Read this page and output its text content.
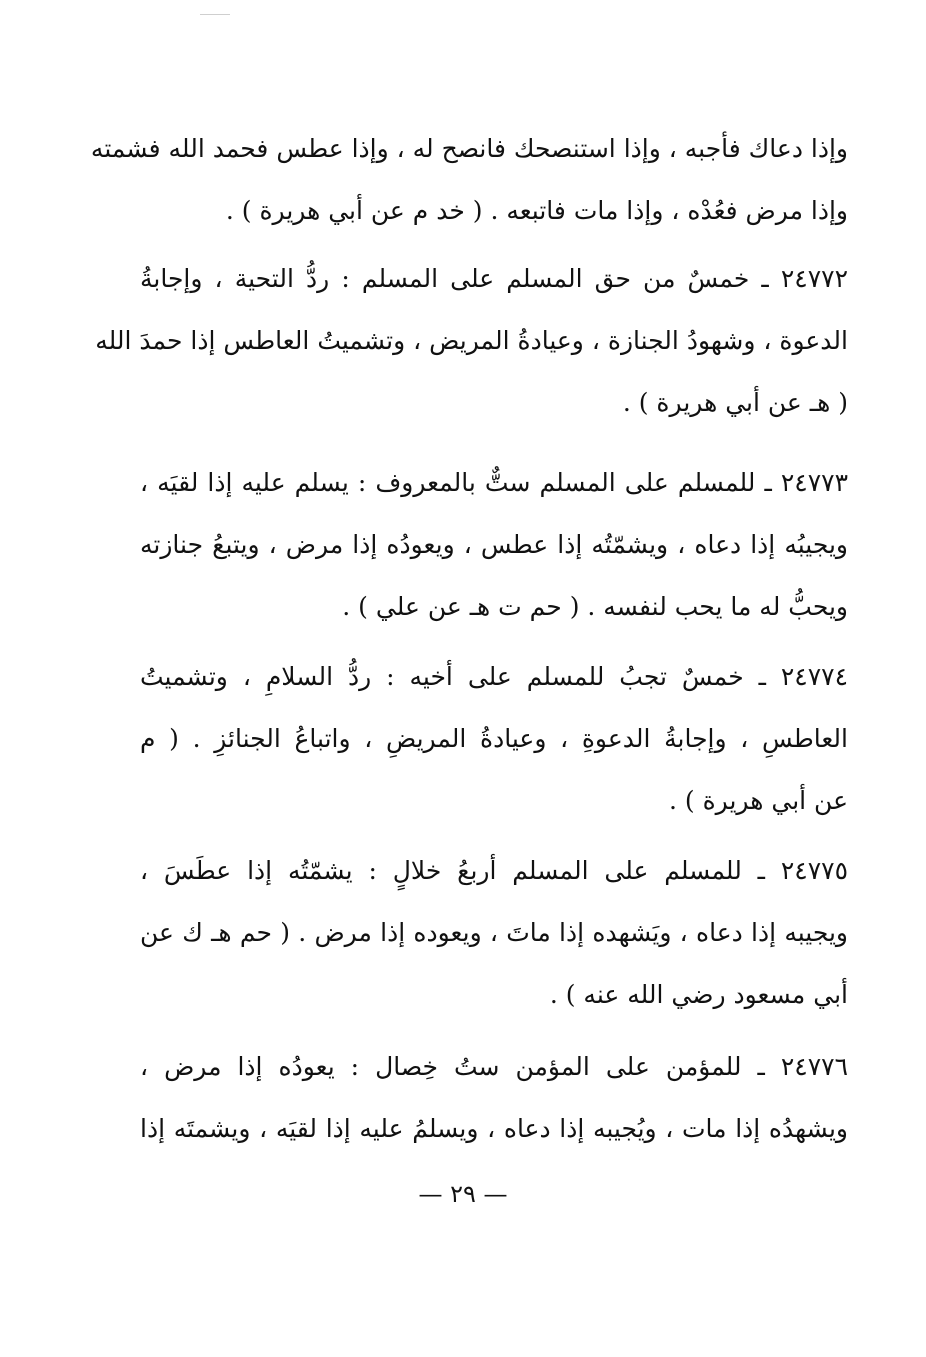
وإذا دعاك فأجبه ، وإذا استنصحك فانصح له ، وإذا عطس فحمد الله فشمته
وإذا مرض فعُدْه ، وإذا مات فاتبعه . ( خد م عن أبي هريرة ) .
٢٤٧٧٢ ـ خمسٌ من حق المسلم على المسلم : ردُّ التحية ، وإجابةُ
الدعوة ، وشهودُ الجنازة ، وعيادةُ المريض ، وتشميتُ العاطس إذا حمدَ الله
( هـ عن أبي هريرة ) .
٢٤٧٧٣ ـ للمسلم على المسلم ستٌّ بالمعروف : يسلم عليه إذا لقيَه ،
ويجيبُه إذا دعاه ، ويشمّتُه إذا عطس ، ويعودُه إذا مرض ، ويتبعُ جنازته
ويحبُّ له ما يحب لنفسه . ( حم ت هـ عن علي ) .
٢٤٧٧٤ ـ خمسٌ تجبُ للمسلم على أخيه : ردُّ السلامِ ، وتشميتُ
العاطسِ ، وإجابةُ الدعوةِ ، وعيادةُ المريضِ ، واتباعُ الجنائزِ . ( م
عن أبي هريرة ) .
٢٤٧٧٥ ـ للمسلم على المسلم أربعُ خلالٍ : يشمّتُه إذا عطَسَ ،
ويجيبه إذا دعاه ، ويَشهده إذا ماتَ ، ويعوده إذا مرض . ( حم هـ ك عن
أبي مسعود رضي الله عنه ) .
٢٤٧٧٦ ـ للمؤمن على المؤمن ستُ خِصال : يعودُه إذا مرض ،
ويشهدُه إذا مات ، ويُجيبه إذا دعاه ، ويسلمُ عليه إذا لقيَه ، ويشمتَه إذا
— ٢٩ —
